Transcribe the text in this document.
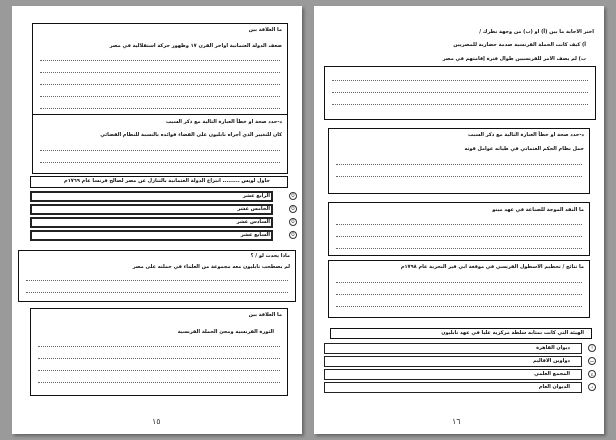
ما العلاقة بين
ضعف الدولة العثمانية اواخر القرن ١٧ وظهور حركة استقلالية في مصر
د-حدد صحة او خطأ العبارة التالية مع ذكر السبب
كان للتغيير الذي أجراه نابليون على القضاء فوائده بالنسبة للنظام القضائي
جاول لويس ......... انتزاع الدولة العثمانية بالتنازل عن مصر لصالح فرنسا عام ١٧٦٩م
الرابع عشر	O
الخامس عشر	O
السادس عشر	O
السابع عشر	O
ماذا يحدث لو / ؟
لم يصطحب نابليون معه مجموعة من العلماء في حملته على مصر
ما العلاقة بين
الثورة الفرنسية ومجئ الحملة الفرنسية
١٥
اختر الاجابة ما بين (أ) او (ب) من وجهة نظرك /
أ) كيف كانت الحملة الفرنسية صدمة حضارية للمصريين
ب) لم يصف الامر للفرنسيين طوال فترة إقامتهم في مصر
د-حدد صحة او خطأ العبارة التالية مع ذكر السبب
حمل نظام الحكم العثماني في طياته عوامل قوته
ما النقد الموجة للصناعة في عهد مينو
ما نتائج / تحطيم الاسطول الفرنسي في موقعة ابي قير البحرية عام ١٧٩٨م
الهيئة التي كانت بمثابه سلطة مركزية عليا في عهد نابليون
ديوان القاهرة	أ
دواوين الاقاليم	ب
المجمع العلمي	ج
الديوان العام	د
١٦
